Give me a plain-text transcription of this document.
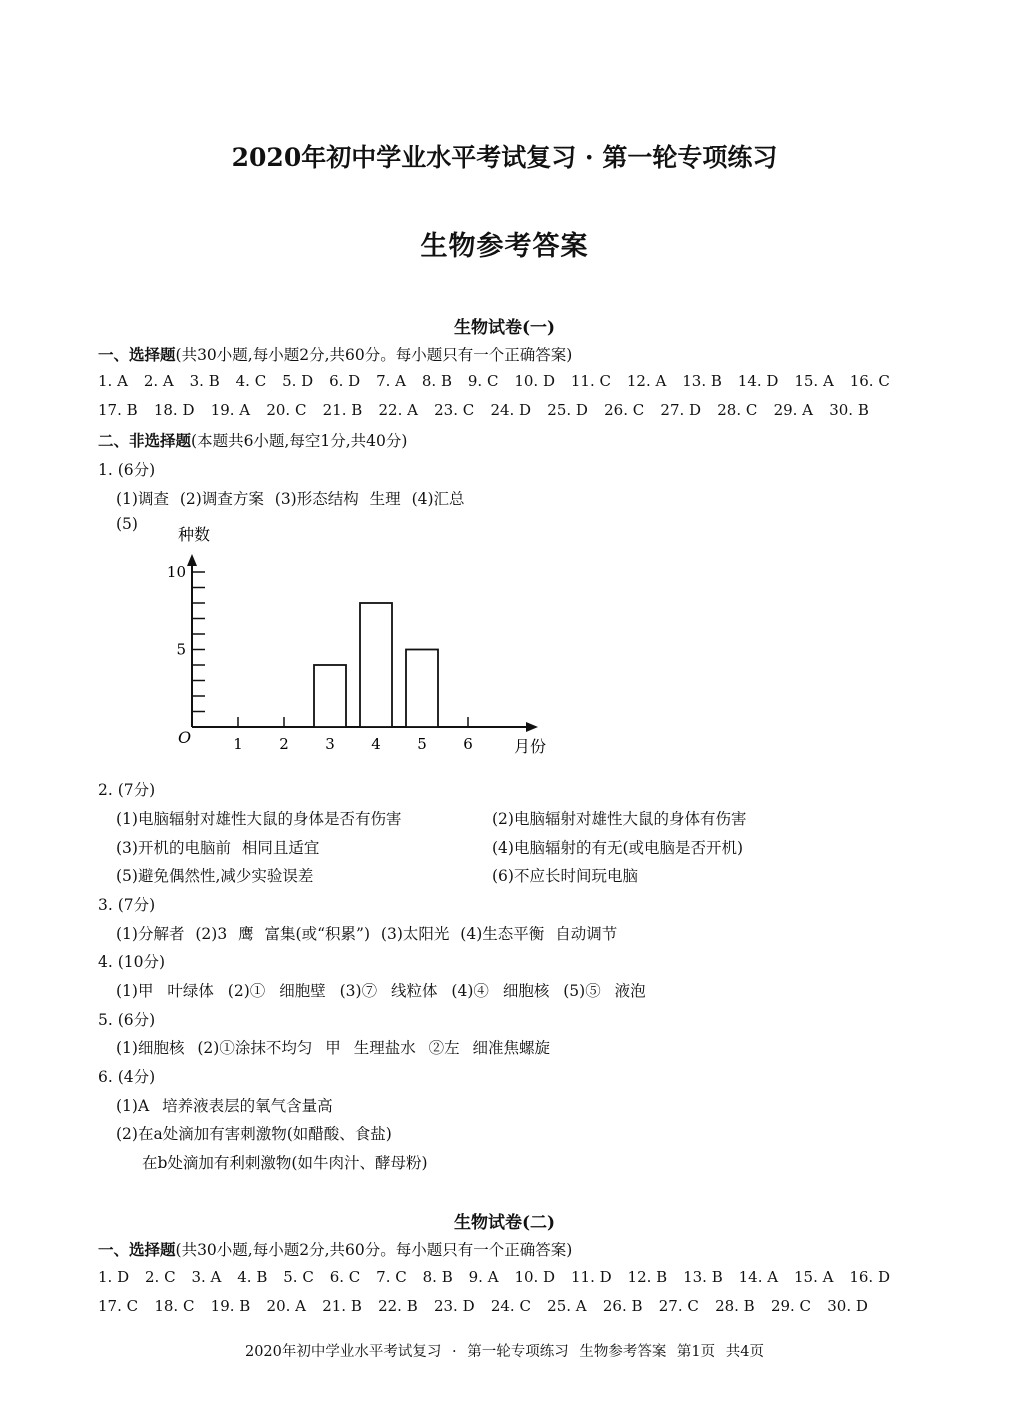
2020年初中学业水平考试复习 · 第一轮专项练习
生物参考答案
生物试卷(一)
一、选择题(共30小题,每小题2分,共60分。每小题只有一个正确答案)
1. A 2. A 3. B 4. C 5. D 6. D 7. A 8. B 9. C 10. D 11. C 12. A 13. B 14. D 15. A 16. C
17. B 18. D 19. A 20. C 21. B 22. A 23. C 24. D 25. D 26. C 27. D 28. C 29. A 30. B
二、非选择题(本题共6小题,每空1分,共40分)
1. (6分)
(1)调查 (2)调查方案 (3)形态结构 生理 (4)汇总
(5)
5
10
O
种数
月份
1 2 3 4 5 6
2. (7分)
(1)电脑辐射对雄性大鼠的身体是否有伤害	(2)电脑辐射对雄性大鼠的身体有伤害
(3)开机的电脑前 相同且适宜	(4)电脑辐射的有无(或电脑是否开机)
(5)避免偶然性,减少实验误差	(6)不应长时间玩电脑
3. (7分)
(1)分解者 (2)3 鹰 富集(或“积累”) (3)太阳光 (4)生态平衡 自动调节
4. (10分)
(1)甲 叶绿体 (2)① 细胞壁 (3)⑦ 线粒体 (4)④ 细胞核 (5)⑤ 液泡
5. (6分)
(1)细胞核 (2)①涂抹不均匀 甲 生理盐水 ②左 细准焦螺旋
6. (4分)
(1)A 培养液表层的氧气含量高
(2)在a处滴加有害刺激物(如醋酸、食盐)
在b处滴加有利刺激物(如牛肉汁、酵母粉)
生物试卷(二)
一、选择题(共30小题,每小题2分,共60分。每小题只有一个正确答案)
1. D 2. C 3. A 4. B 5. C 6. C 7. C 8. B 9. A 10. D 11. D 12. B 13. B 14. A 15. A 16. D
17. C 18. C 19. B 20. A 21. B 22. B 23. D 24. C 25. A 26. B 27. C 28. B 29. C 30. D
2020年初中学业水平考试复习 · 第一轮专项练习 生物参考答案 第1页 共4页
